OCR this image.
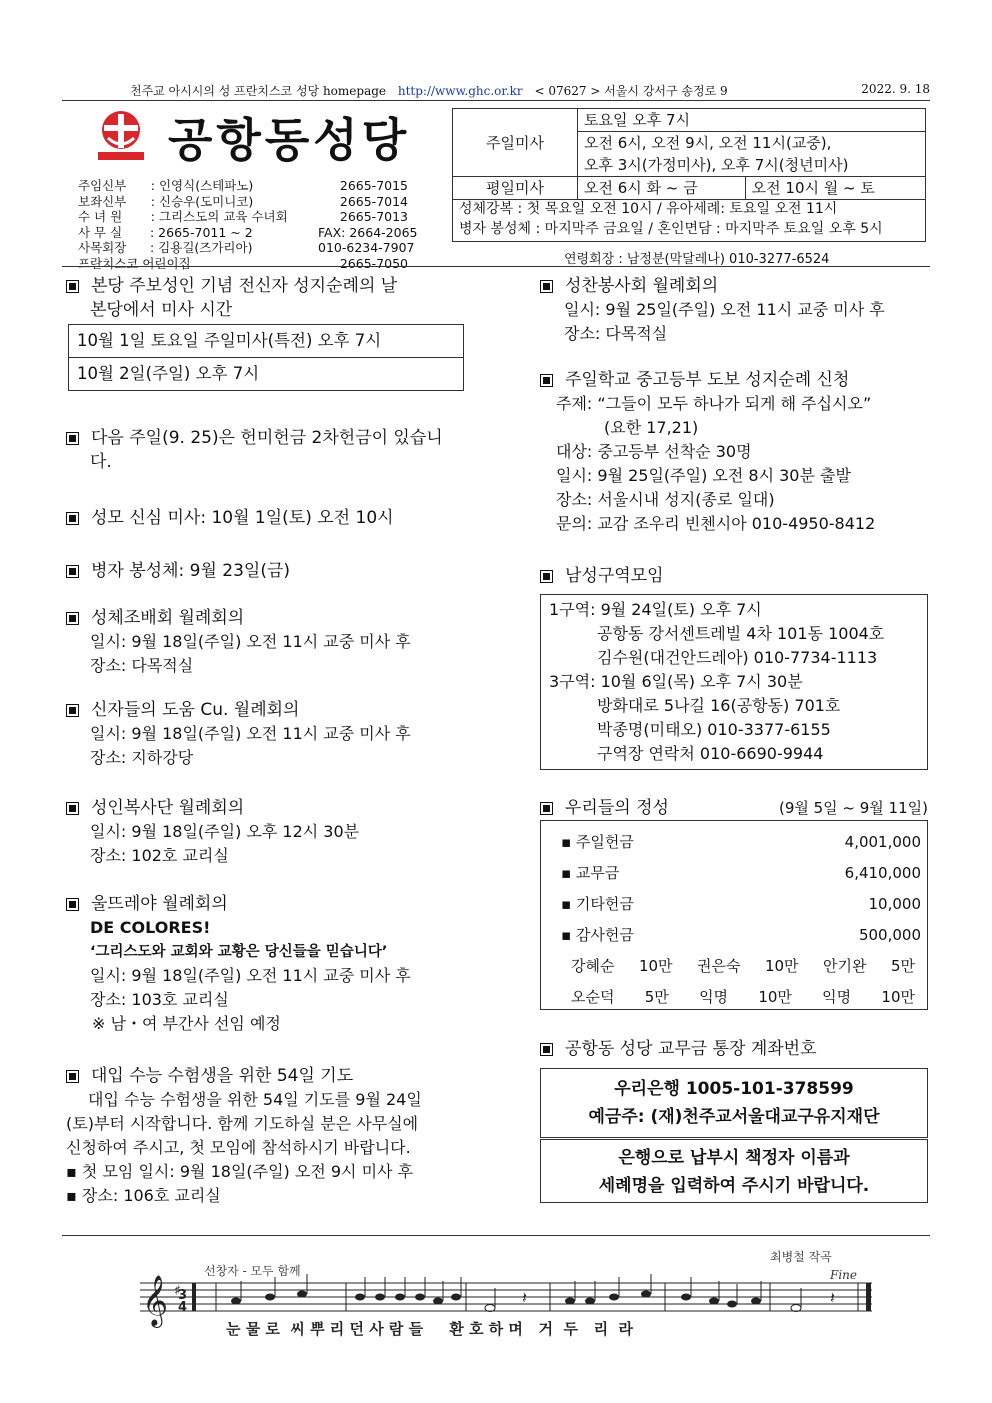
천주교 아시시의 성 프란치스코 성당 homepage http://www.ghc.or.kr < 07627 > 서울시 강서구 송정로 9	2022. 9. 18
공항동성당
주임신부	: 인영식(스테파노)	2665-7015
보좌신부	: 신승우(도미니코)	2665-7014
수 녀 원	: 그리스도의 교육 수녀회	2665-7013
사 무 실	: 2665-7011 ~ 2	FAX: 2664-2065
사목회장	: 김용길(즈가리아)	010-6234-7907
프란치스코 어린이집	2665-7050
주일미사	토요일 오후 7시	
	오전 6시, 오전 9시, 오전 11시(교중),	
	오후 3시(가정미사), 오후 7시(청년미사)	
평일미사	오전 6시 화 ~ 금	오전 10시 월 ~ 토
성체강복 : 첫 목요일 오전 10시 / 유아세례: 토요일 오전 11시
병자 봉성체 : 마지막주 금요일 / 혼인면담 : 마지막주 토요일 오후 5시
연령회장 : 남정분(막달레나) 010-3277-6524
본당 주보성인 기념 전신자 성지순례의 날
본당에서 미사 시간
10월 1일 토요일 주일미사(특전) 오후 7시
10월 2일(주일) 오후 7시
다음 주일(9. 25)은 헌미헌금 2차헌금이 있습니
다.
성모 신심 미사: 10월 1일(토) 오전 10시
병자 봉성체: 9월 23일(금)
성체조배회 월례회의
일시: 9월 18일(주일) 오전 11시 교중 미사 후
장소: 다목적실
신자들의 도움 Cu. 월례회의
일시: 9월 18일(주일) 오전 11시 교중 미사 후
장소: 지하강당
성인복사단 월례회의
일시: 9월 18일(주일) 오후 12시 30분
장소: 102호 교리실
울뜨레야 월례회의
DE COLORES!
‘그리스도와 교회와 교황은 당신들을 믿습니다’
일시: 9월 18일(주일) 오전 11시 교중 미사 후
장소: 103호 교리실
※ 남・여 부간사 선임 예정
대입 수능 수험생을 위한 54일 기도
대입 수능 수험생을 위한 54일 기도를 9월 24일
(토)부터 시작합니다. 함께 기도하실 분은 사무실에
신청하여 주시고, 첫 모임에 참석하시기 바랍니다.
▪ 첫 모임 일시: 9월 18일(주일) 오전 9시 미사 후
▪ 장소: 106호 교리실
성찬봉사회 월례회의
일시: 9월 25일(주일) 오전 11시 교중 미사 후
장소: 다목적실
주일학교 중고등부 도보 성지순례 신청
주제: “그들이 모두 하나가 되게 해 주십시오”
(요한 17,21)
대상: 중고등부 선착순 30명
일시: 9월 25일(주일) 오전 8시 30분 출발
장소: 서울시내 성지(종로 일대)
문의: 교감 조우리 빈첸시아 010-4950-8412
남성구역모임
1구역: 9월 24일(토) 오후 7시
공항동 강서센트레빌 4차 101동 1004호
김수원(대건안드레아) 010-7734-1113
3구역: 10월 6일(목) 오후 7시 30분
방화대로 5나길 16(공항동) 701호
박종명(미태오) 010-3377-6155
구역장 연락처 010-6690-9944
우리들의 정성	(9월 5일 ~ 9월 11일)
▪ 주일헌금	4,001,000
▪ 교무금	6,410,000
▪ 기타헌금	10,000
▪ 감사헌금	500,000
강혜순 10만 권은숙 10만 안기완 5만
오순덕 5만 익명 10만 익명 10만
공항동 성당 교무금 통장 계좌번호
우리은행 1005-101-378599
예금주: (재)천주교서울대교구유지재단
은행으로 납부시 책정자 이름과
세례명을 입력하여 주시기 바랍니다.
𝄞 ♯
3
4
𝄽	𝄽
선창자 - 모두 함께
최병철 작곡
Fine
눈 물 로  씨 뿌 리 던 사 람 들     환 호 하 며   거  두   리  라
